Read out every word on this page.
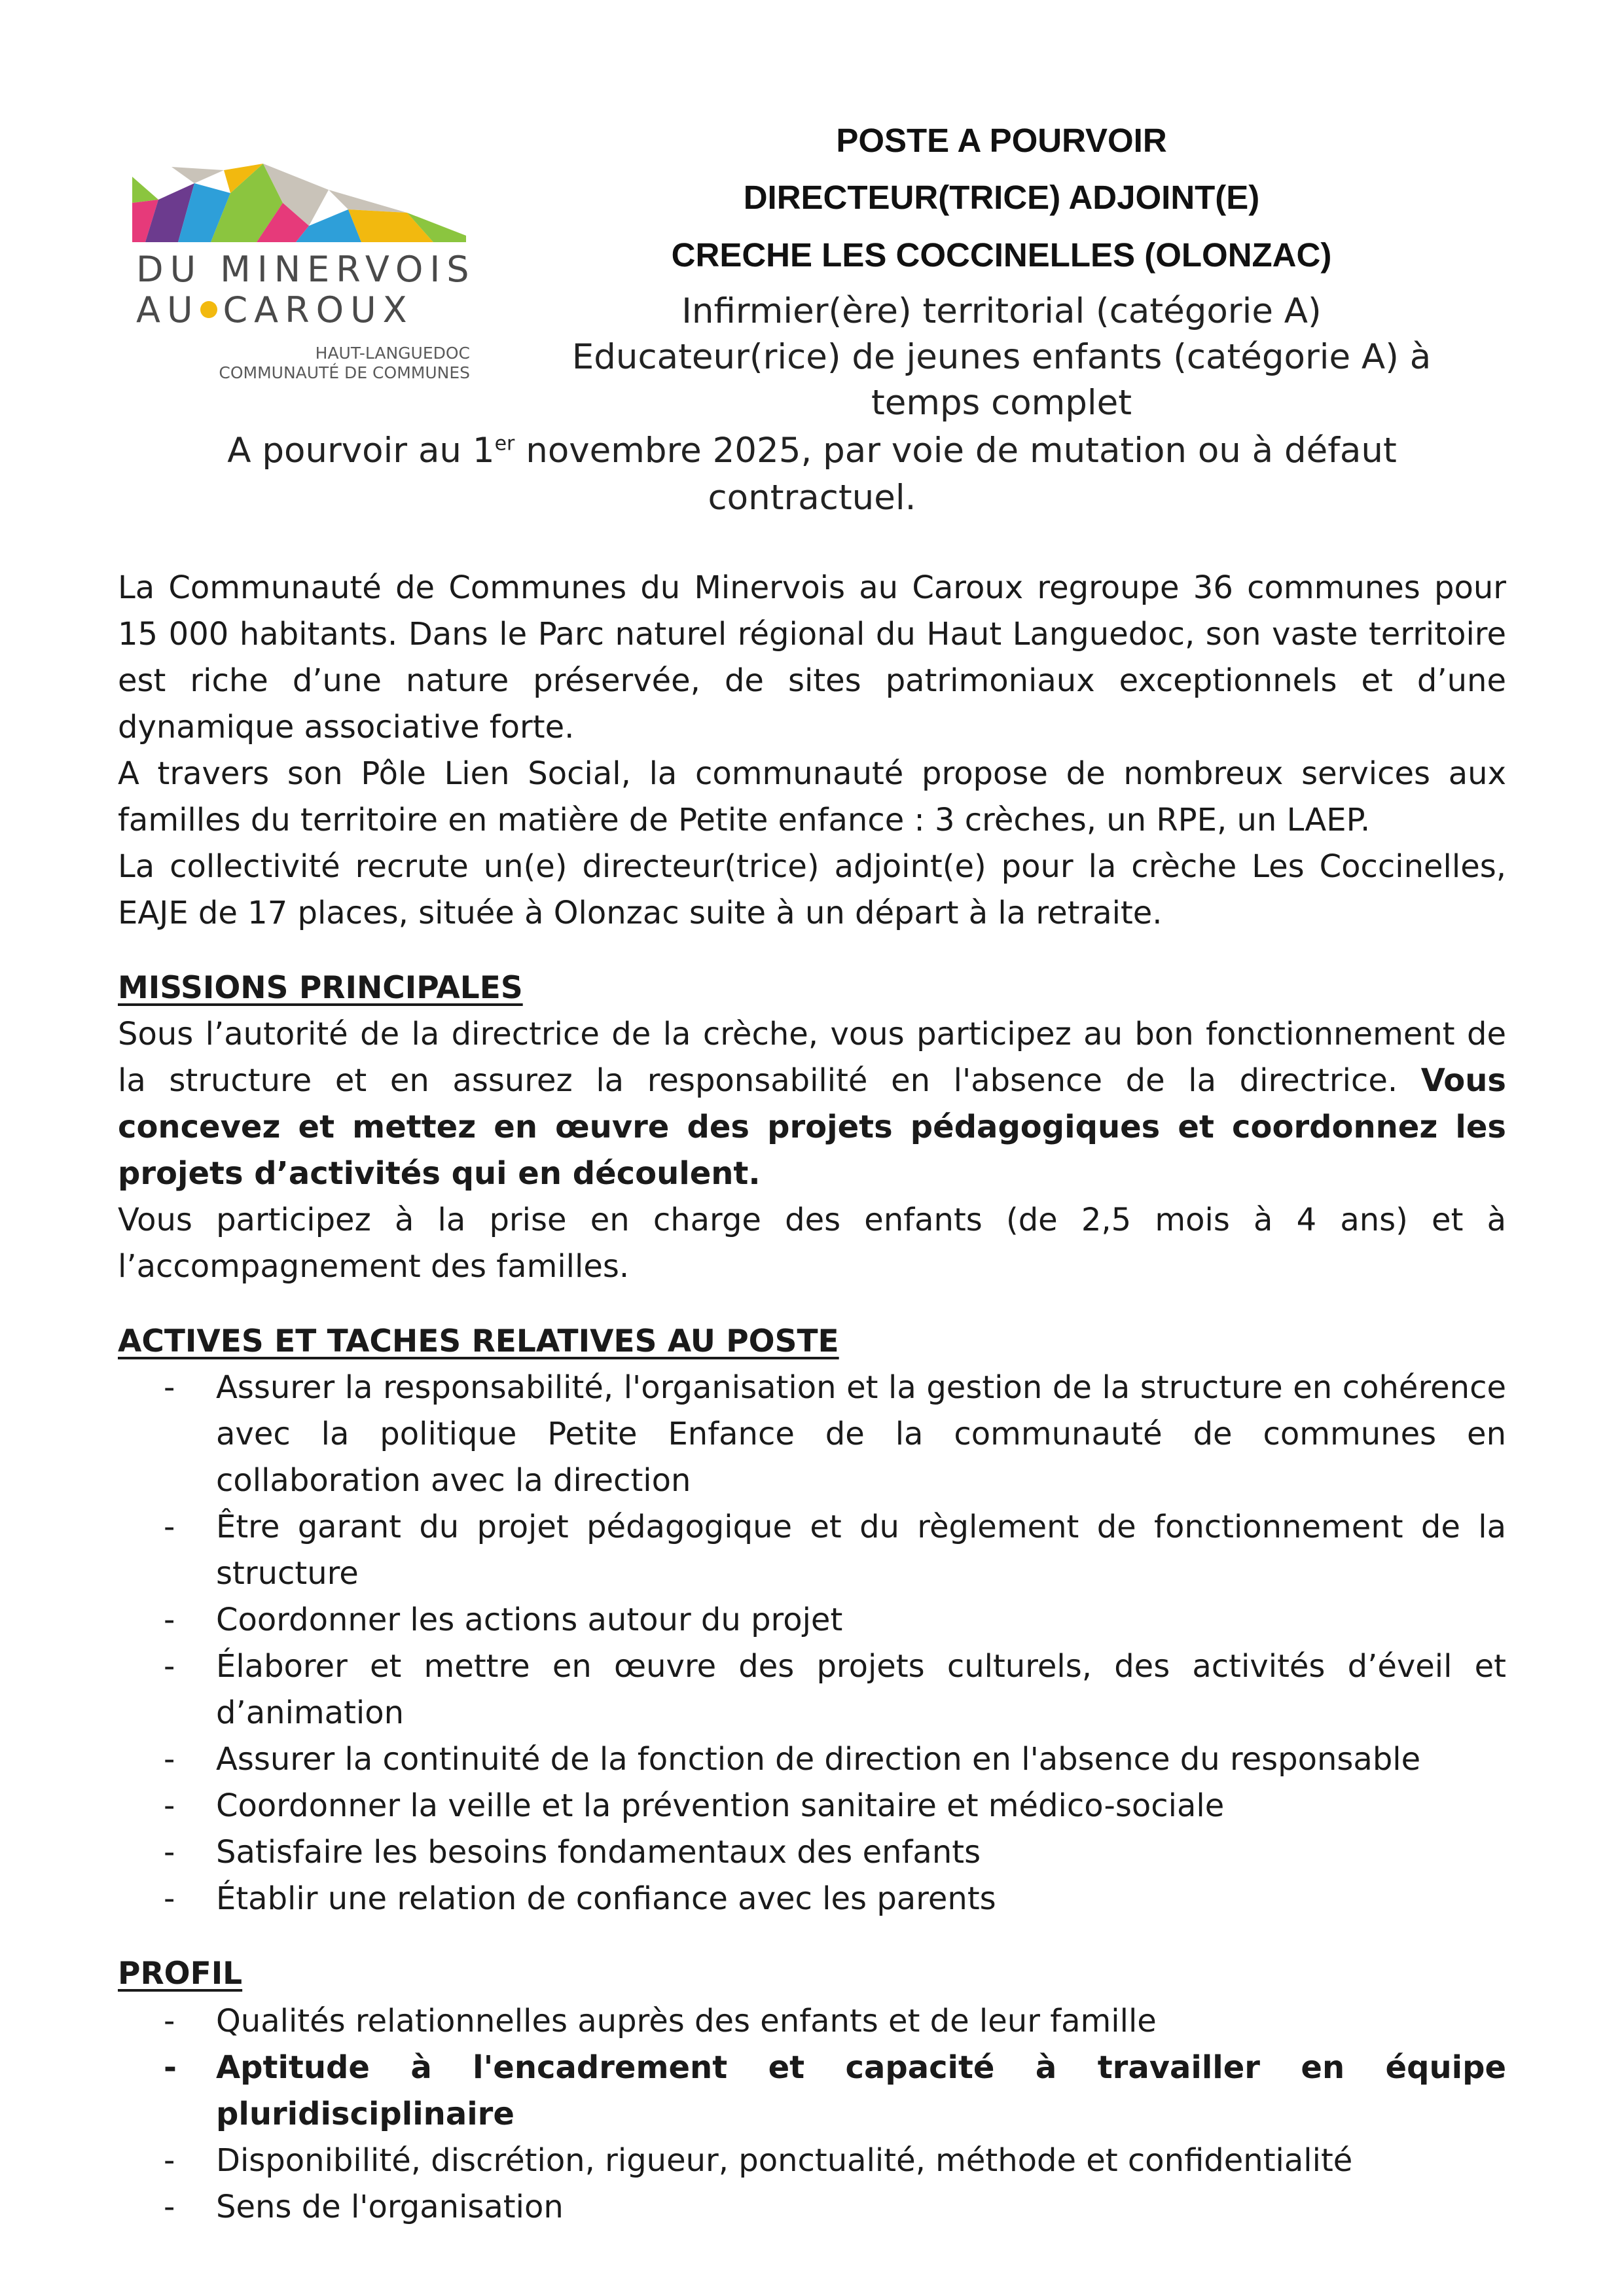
DU MINERVOIS
AU CAROUX
HAUT-LANGUEDOC
COMMUNAUTÉ DE COMMUNES
POSTE A POURVOIR
DIRECTEUR(TRICE) ADJOINT(E)
CRECHE LES COCCINELLES (OLONZAC)
Infirmier(ère) territorial (catégorie A)
Educateur(rice) de jeunes enfants (catégorie A) à
temps complet
A pourvoir au 1er novembre 2025, par voie de mutation ou à défaut
contractuel.

La Communauté de Communes du Minervois au Caroux regroupe 36 communes pour 15 000 habitants. Dans le Parc naturel régional du Haut Languedoc, son vaste territoire est riche d’une nature préservée, de sites patrimoniaux exceptionnels et d’une dynamique associative forte.

A travers son Pôle Lien Social, la communauté propose de nombreux services aux familles du territoire en matière de Petite enfance : 3 crèches, un RPE, un LAEP.

La collectivité recrute un(e) directeur(trice) adjoint(e) pour la crèche Les Coccinelles, EAJE de 17 places, située à Olonzac suite à un départ à la retraite.

MISSIONS PRINCIPALES

Sous l’autorité de la directrice de la crèche, vous participez au bon fonctionnement de la structure et en assurez la responsabilité en l'absence de la directrice. Vous concevez et mettez en œuvre des projets pédagogiques et coordonnez les projets d’activités qui en découlent.

Vous participez à la prise en charge des enfants (de 2,5 mois à 4 ans) et à l’accompagnement des familles.

ACTIVES ET TACHES RELATIVES AU POSTE

- Assurer la responsabilité, l'organisation et la gestion de la structure en cohérence avec la politique Petite Enfance de la communauté de communes en collaboration avec la direction
- Être garant du projet pédagogique et du règlement de fonctionnement de la structure
- Coordonner les actions autour du projet
- Élaborer et mettre en œuvre des projets culturels, des activités d’éveil et d’animation
- Assurer la continuité de la fonction de direction en l'absence du responsable
- Coordonner la veille et la prévention sanitaire et médico-sociale
- Satisfaire les besoins fondamentaux des enfants
- Établir une relation de confiance avec les parents

PROFIL

- Qualités relationnelles auprès des enfants et de leur famille
- Aptitude à l'encadrement et capacité à travailler en équipe pluridisciplinaire
- Disponibilité, discrétion, rigueur, ponctualité, méthode et confidentialité
- Sens de l'organisation
